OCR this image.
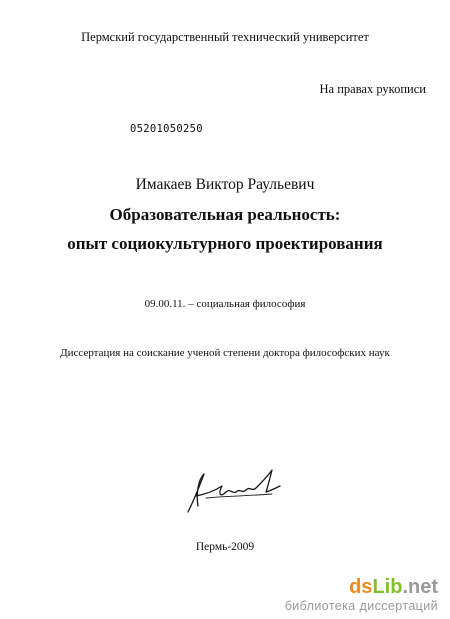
Пермский государственный технический университет
На правах рукописи
05201050250
Имакаев Виктор Раульевич
Образовательная реальность:
опыт социокультурного проектирования
09.00.11. – социальная философия
Диссертация на соискание ученой степени доктора философских наук
Пермь-2009
dsLib.net
библиотека диссертаций
